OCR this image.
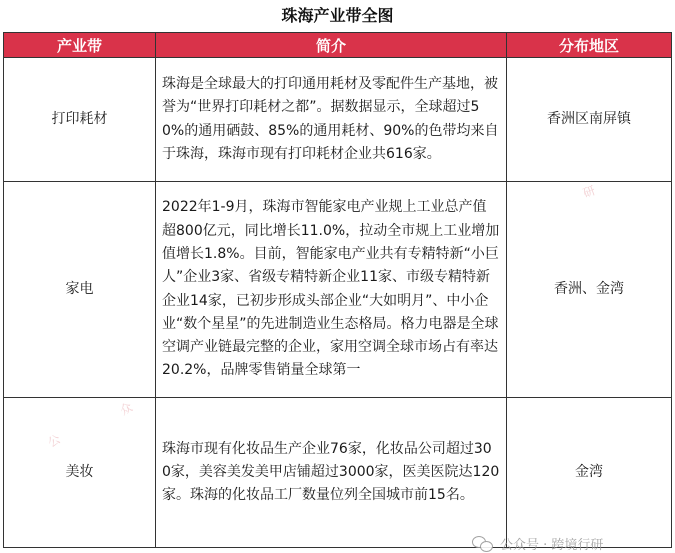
珠海产业带全图
产业带	简介	分布地区
打印耗材	珠海是全球最大的打印通用耗材及零配件生产基地，被誉为“世界打印耗材之都”。据数据显示，全球超过50%的通用硒鼓、85%的通用耗材、90%的色带均来自于珠海，珠海市现有打印耗材企业共616家。	香洲区南屏镇
家电	2022年1-9月，珠海市智能家电产业规上工业总产值超800亿元，同比增长11.0%，拉动全市规上工业增加值增长1.8%。目前，智能家电产业共有专精特新“小巨人”企业3家、省级专精特新企业11家、市级专精特新企业14家，已初步形成头部企业“大如明月”、中小企业“数个星星”的先进制造业生态格局。格力电器是全球空调产业链最完整的企业，家用空调全球市场占有率达20.2%，品牌零售销量全球第一	香洲、金湾
美妆	珠海市现有化妆品生产企业76家，化妆品公司超过300家，美容美发美甲店铺超过3000家，医美医院达120家。珠海的化妆品工厂数量位列全国城市前15名。	金湾
研
众
公
公众号 · 跨境行研
